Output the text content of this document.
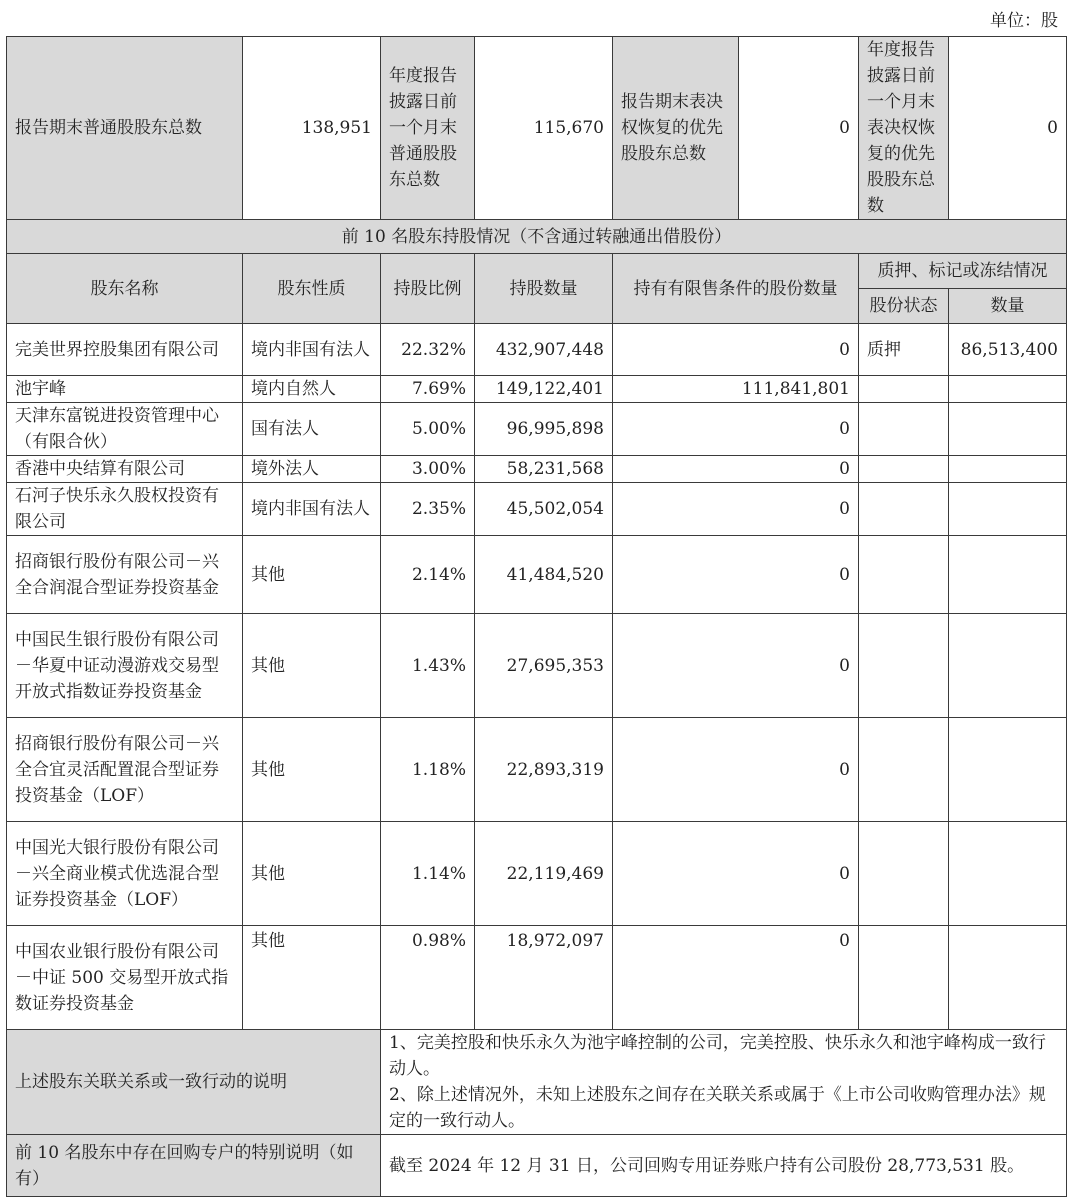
单位：股
报告期末普通股股东总数	138,951	年度报告披露日前一个月末普通股股东总数	115,670	报告期末表决权恢复的优先股股东总数	0	年度报告披露日前一个月末表决权恢复的优先股股东总数	0
前 10 名股东持股情况（不含通过转融通出借股份）							
股东名称	股东性质	持股比例	持股数量	持有有限售条件的股份数量		质押、标记或冻结情况	
						股份状态	数量
完美世界控股集团有限公司	境内非国有法人	22.32%	432,907,448	0		质押	86,513,400
池宇峰	境内自然人	7.69%	149,122,401	111,841,801			
天津东富锐进投资管理中心（有限合伙）	国有法人	5.00%	96,995,898	0			
香港中央结算有限公司	境外法人	3.00%	58,231,568	0			
石河子快乐永久股权投资有限公司	境内非国有法人	2.35%	45,502,054	0			
招商银行股份有限公司－兴全合润混合型证券投资基金	其他	2.14%	41,484,520	0			
中国民生银行股份有限公司－华夏中证动漫游戏交易型开放式指数证券投资基金	其他	1.43%	27,695,353	0			
招商银行股份有限公司－兴全合宜灵活配置混合型证券投资基金（LOF）	其他	1.18%	22,893,319	0			
中国光大银行股份有限公司－兴全商业模式优选混合型证券投资基金（LOF）	其他	1.14%	22,119,469	0			
中国农业银行股份有限公司－中证 500 交易型开放式指数证券投资基金	其他	0.98%	18,972,097	0			
上述股东关联关系或一致行动的说明		1、完美控股和快乐永久为池宇峰控制的公司，完美控股、快乐永久和池宇峰构成一致行动人。
2、除上述情况外，未知上述股东之间存在关联关系或属于《上市公司收购管理办法》规定的一致行动人。					

前 10 名股东中存在回购专户的特别说明（如有）		截至 2024 年 12 月 31 日，公司回购专用证券账户持有公司股份 28,773,531 股。					
